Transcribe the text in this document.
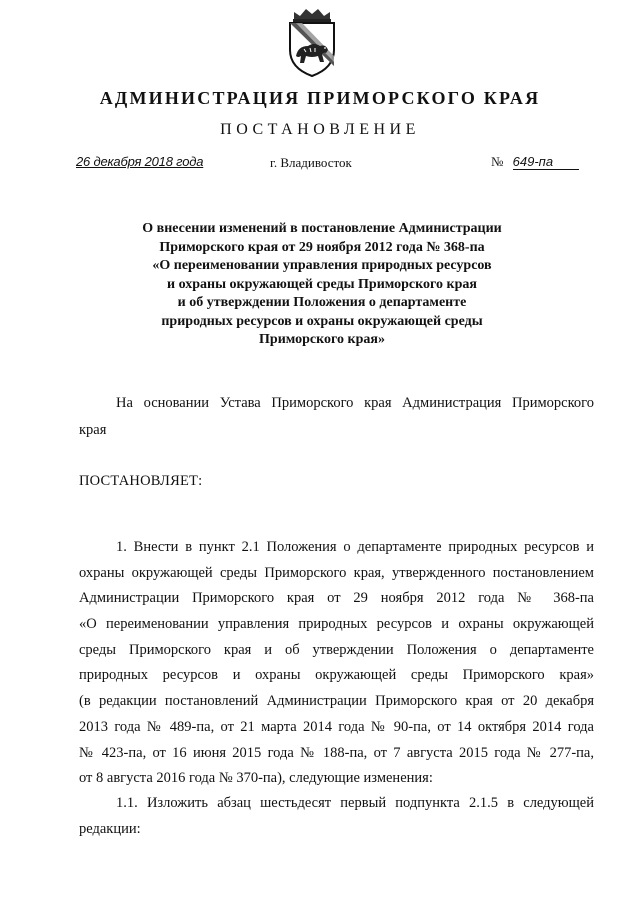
АДМИНИСТРАЦИЯ ПРИМОРСКОГО КРАЯ
ПОСТАНОВЛЕНИЕ
26 декабря 2018 года	г. Владивосток	№ 649-па
О внесении изменений в постановление Администрации
Приморского края от 29 ноября 2012 года № 368-па
«О переименовании управления природных ресурсов
и охраны окружающей среды Приморского края
и об утверждении Положения о департаменте
природных ресурсов и охраны окружающей среды
Приморского края»
На основании Устава Приморского края Администрация Приморского
края
ПОСТАНОВЛЯЕТ:
1. Внести в пункт 2.1 Положения о департаменте природных ресурсов и
охраны окружающей среды Приморского края, утвержденного постановлением
Администрации Приморского края от 29 ноября 2012 года № 368-па
«О переименовании управления природных ресурсов и охраны окружающей
среды Приморского края и об утверждении Положения о департаменте
природных ресурсов и охраны окружающей среды Приморского края»
(в редакции постановлений Администрации Приморского края от 20 декабря
2013 года № 489-па, от 21 марта 2014 года № 90-па, от 14 октября 2014 года
№ 423-па, от 16 июня 2015 года № 188-па, от 7 августа 2015 года № 277-па,
от 8 августа 2016 года № 370-па), следующие изменения:
1.1. Изложить абзац шестьдесят первый подпункта 2.1.5 в следующей
редакции:
